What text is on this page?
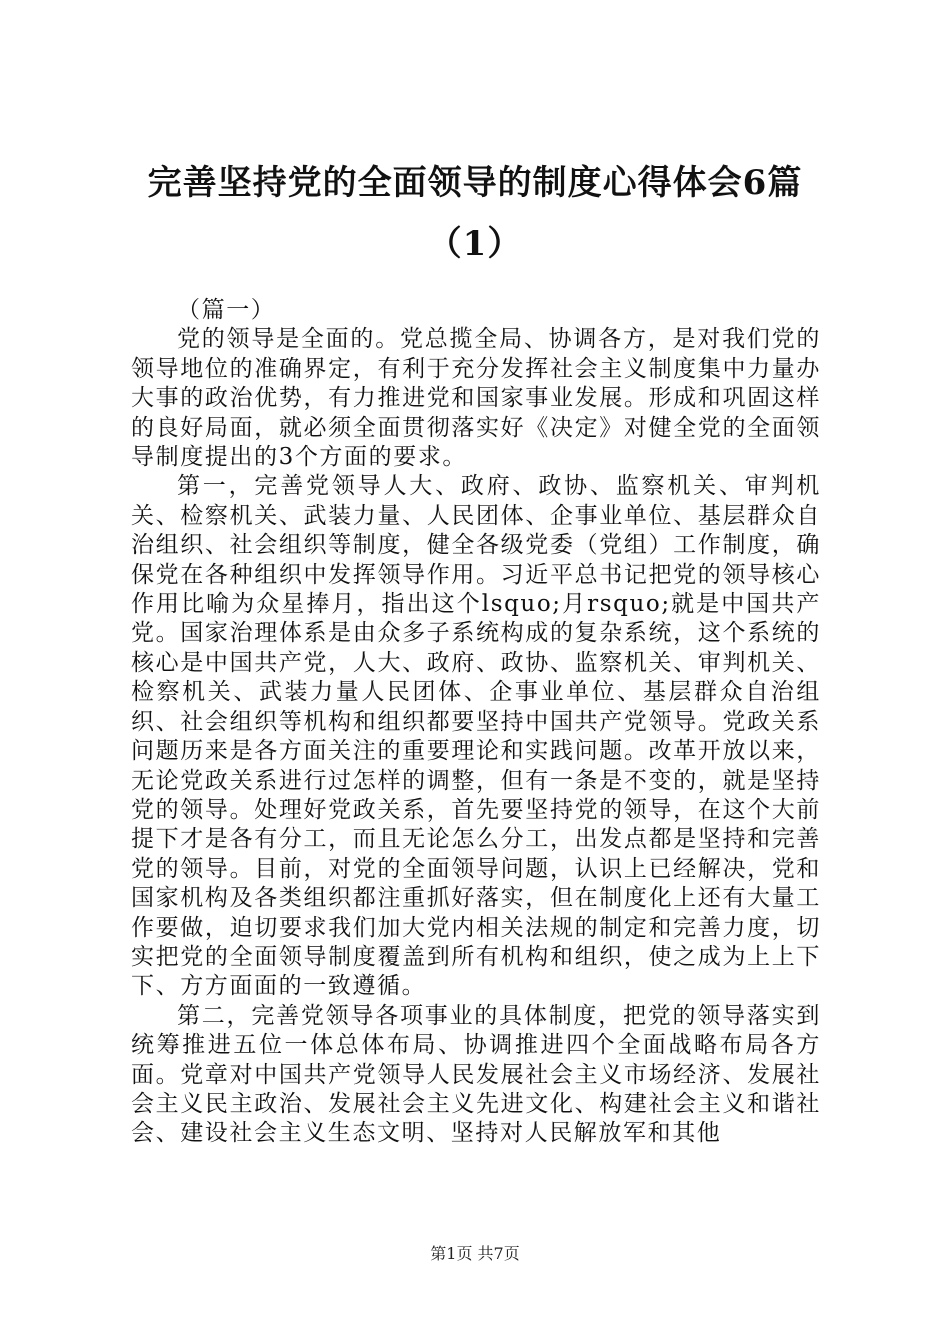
完善坚持党的全面领导的制度心得体会6篇
（1）

（篇一）

党的领导是全面的。党总揽全局、协调各方，是对我们党的领导地位的准确界定，有利于充分发挥社会主义制度集中力量办大事的政治优势，有力推进党和国家事业发展。形成和巩固这样的良好局面，就必须全面贯彻落实好《决定》对健全党的全面领导制度提出的3个方面的要求。

第一，完善党领导人大、政府、政协、监察机关、审判机关、检察机关、武装力量、人民团体、企事业单位、基层群众自治组织、社会组织等制度，健全各级党委（党组）工作制度，确保党在各种组织中发挥领导作用。习近平总书记把党的领导核心作用比喻为众星捧月，指出这个lsquo;月rsquo;就是中国共产党。国家治理体系是由众多子系统构成的复杂系统，这个系统的核心是中国共产党，人大、政府、政协、监察机关、审判机关、检察机关、武装力量人民团体、企事业单位、基层群众自治组织、社会组织等机构和组织都要坚持中国共产党领导。党政关系问题历来是各方面关注的重要理论和实践问题。改革开放以来，无论党政关系进行过怎样的调整，但有一条是不变的，就是坚持党的领导。处理好党政关系，首先要坚持党的领导，在这个大前提下才是各有分工，而且无论怎么分工，出发点都是坚持和完善党的领导。目前，对党的全面领导问题，认识上已经解决，党和国家机构及各类组织都注重抓好落实，但在制度化上还有大量工作要做，迫切要求我们加大党内相关法规的制定和完善力度，切实把党的全面领导制度覆盖到所有机构和组织，使之成为上上下下、方方面面的一致遵循。

第二，完善党领导各项事业的具体制度，把党的领导落实到统筹推进五位一体总体布局、协调推进四个全面战略布局各方面。党章对中国共产党领导人民发展社会主义市场经济、发展社会主义民主政治、发展社会主义先进文化、构建社会主义和谐社会、建设社会主义生态文明、坚持对人民解放军和其他

第1页 共7页
